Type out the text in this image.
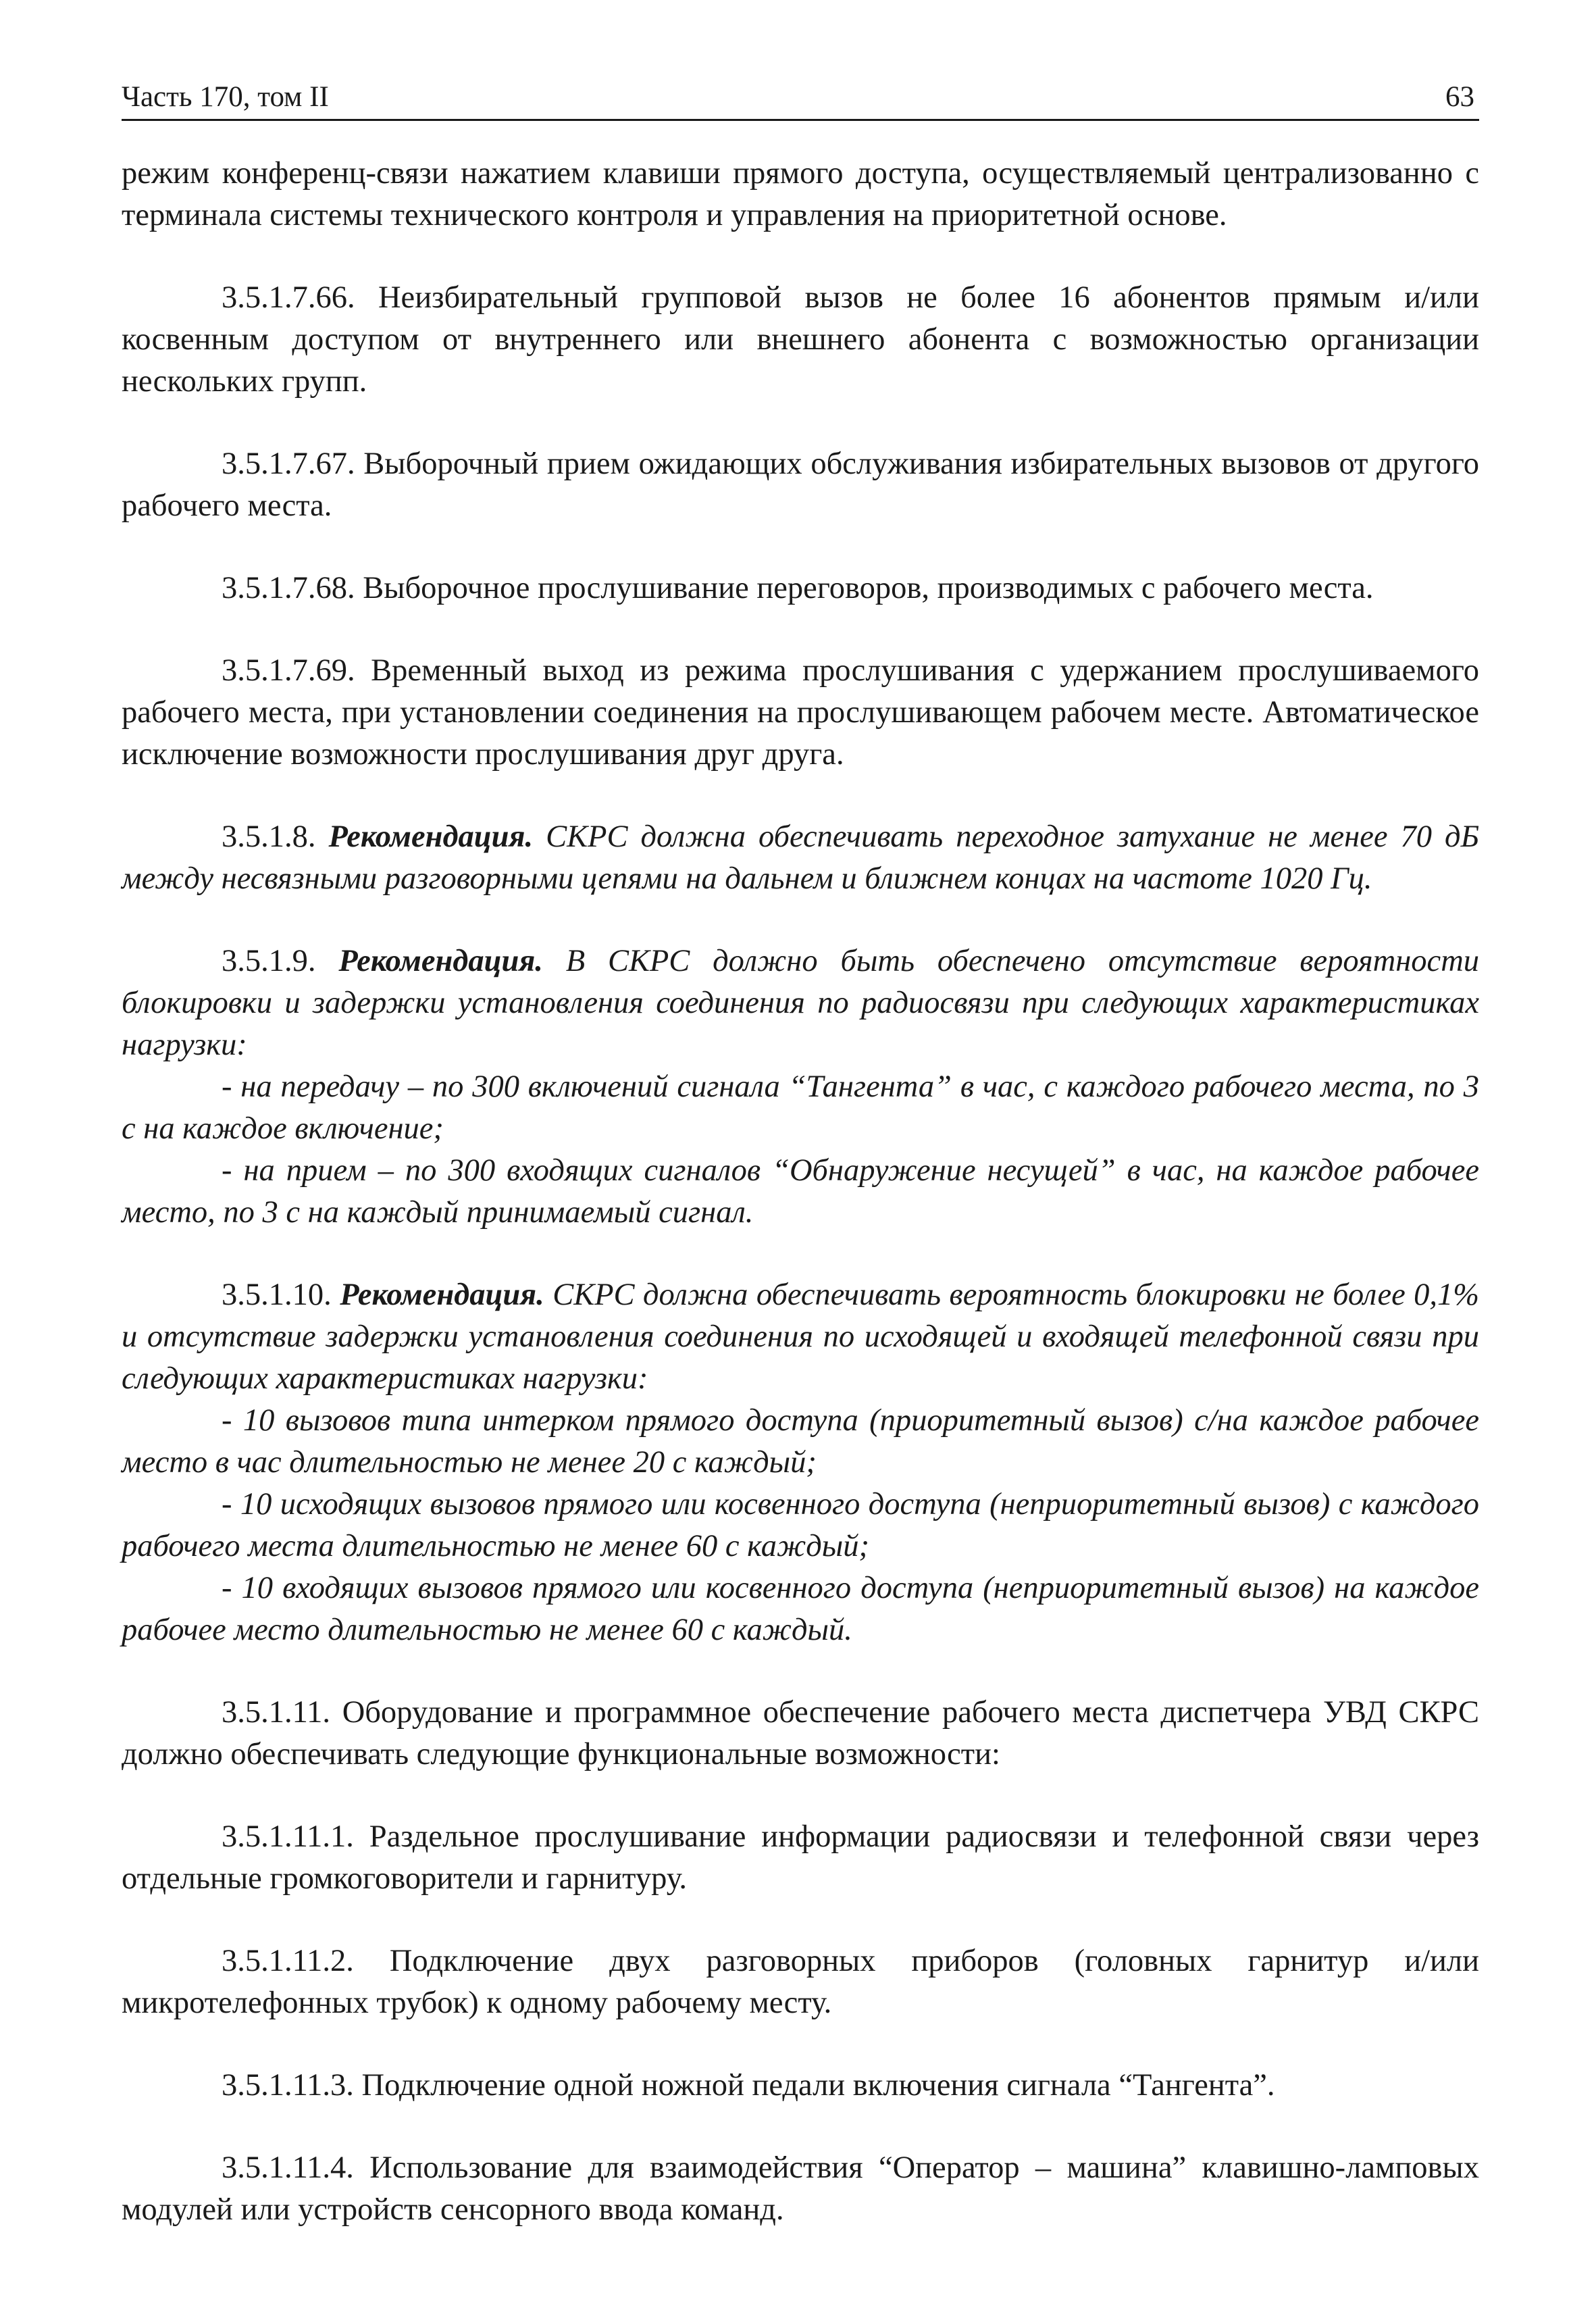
Часть 170, том II	63

режим конференц-связи нажатием клавиши прямого доступа, осуществляемый централизованно с терминала системы технического контроля и управления на приоритетной основе.

3.5.1.7.66. Неизбирательный групповой вызов не более 16 абонентов прямым и/или косвенным доступом от внутреннего или внешнего абонента с возможностью организации нескольких групп.

3.5.1.7.67. Выборочный прием ожидающих обслуживания избирательных вызовов от другого рабочего места.

3.5.1.7.68. Выборочное прослушивание переговоров, производимых с рабочего места.

3.5.1.7.69. Временный выход из режима прослушивания с удержанием прослушиваемого рабочего места, при установлении соединения на прослушивающем рабочем месте. Автоматическое исключение возможности прослушивания друг друга.

3.5.1.8. Рекомендация. СКРС должна обеспечивать переходное затухание не менее 70 дБ между несвязными разговорными цепями на дальнем и ближнем концах на частоте 1020 Гц.

3.5.1.9. Рекомендация. В СКРС должно быть обеспечено отсутствие вероятности блокировки и задержки установления соединения по радиосвязи при следующих характеристиках нагрузки:

- на передачу – по 300 включений сигнала “Тангента” в час, с каждого рабочего места, по 3 с на каждое включение;

- на прием – по 300 входящих сигналов “Обнаружение несущей” в час, на каждое рабочее место, по 3 с на каждый принимаемый сигнал.

3.5.1.10. Рекомендация. СКРС должна обеспечивать вероятность блокировки не более 0,1% и отсутствие задержки установления соединения по исходящей и входящей телефонной связи при следующих характеристиках нагрузки:

- 10 вызовов типа интерком прямого доступа (приоритетный вызов) с/на каждое рабочее место в час длительностью не менее 20 с каждый;

- 10 исходящих вызовов прямого или косвенного доступа (неприоритетный вызов) с каждого рабочего места длительностью не менее 60 с каждый;

- 10 входящих вызовов прямого или косвенного доступа (неприоритетный вызов) на каждое рабочее место длительностью не менее 60 с каждый.

3.5.1.11. Оборудование и программное обеспечение рабочего места диспетчера УВД СКРС должно обеспечивать следующие функциональные возможности:

3.5.1.11.1. Раздельное прослушивание информации радиосвязи и телефонной связи через отдельные громкоговорители и гарнитуру.

3.5.1.11.2. Подключение двух разговорных приборов (головных гарнитур и/или микротелефонных трубок) к одному рабочему месту.

3.5.1.11.3. Подключение одной ножной педали включения сигнала “Тангента”.

3.5.1.11.4. Использование для взаимодействия “Оператор – машина” клавишно-ламповых модулей или устройств сенсорного ввода команд.
